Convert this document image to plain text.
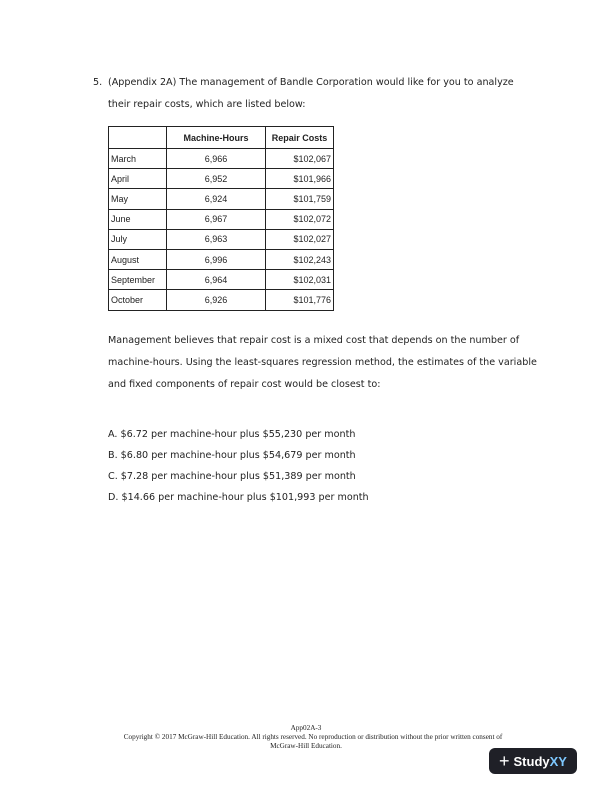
5. (Appendix 2A) The management of Bandle Corporation would like for you to analyze their repair costs, which are listed below:
	Machine-Hours	Repair Costs
March	6,966	$102,067
April	6,952	$101,966
May	6,924	$101,759
June	6,967	$102,072
July	6,963	$102,027
August	6,996	$102,243
September	6,964	$102,031
October	6,926	$101,776
Management believes that repair cost is a mixed cost that depends on the number of machine-hours. Using the least-squares regression method, the estimates of the variable and fixed components of repair cost would be closest to:
A. $6.72 per machine-hour plus $55,230 per month
B. $6.80 per machine-hour plus $54,679 per month
C. $7.28 per machine-hour plus $51,389 per month
D. $14.66 per machine-hour plus $101,993 per month
App02A-3
Copyright © 2017 McGraw-Hill Education. All rights reserved. No reproduction or distribution without the prior written consent of
McGraw-Hill Education.
+ Study XY
